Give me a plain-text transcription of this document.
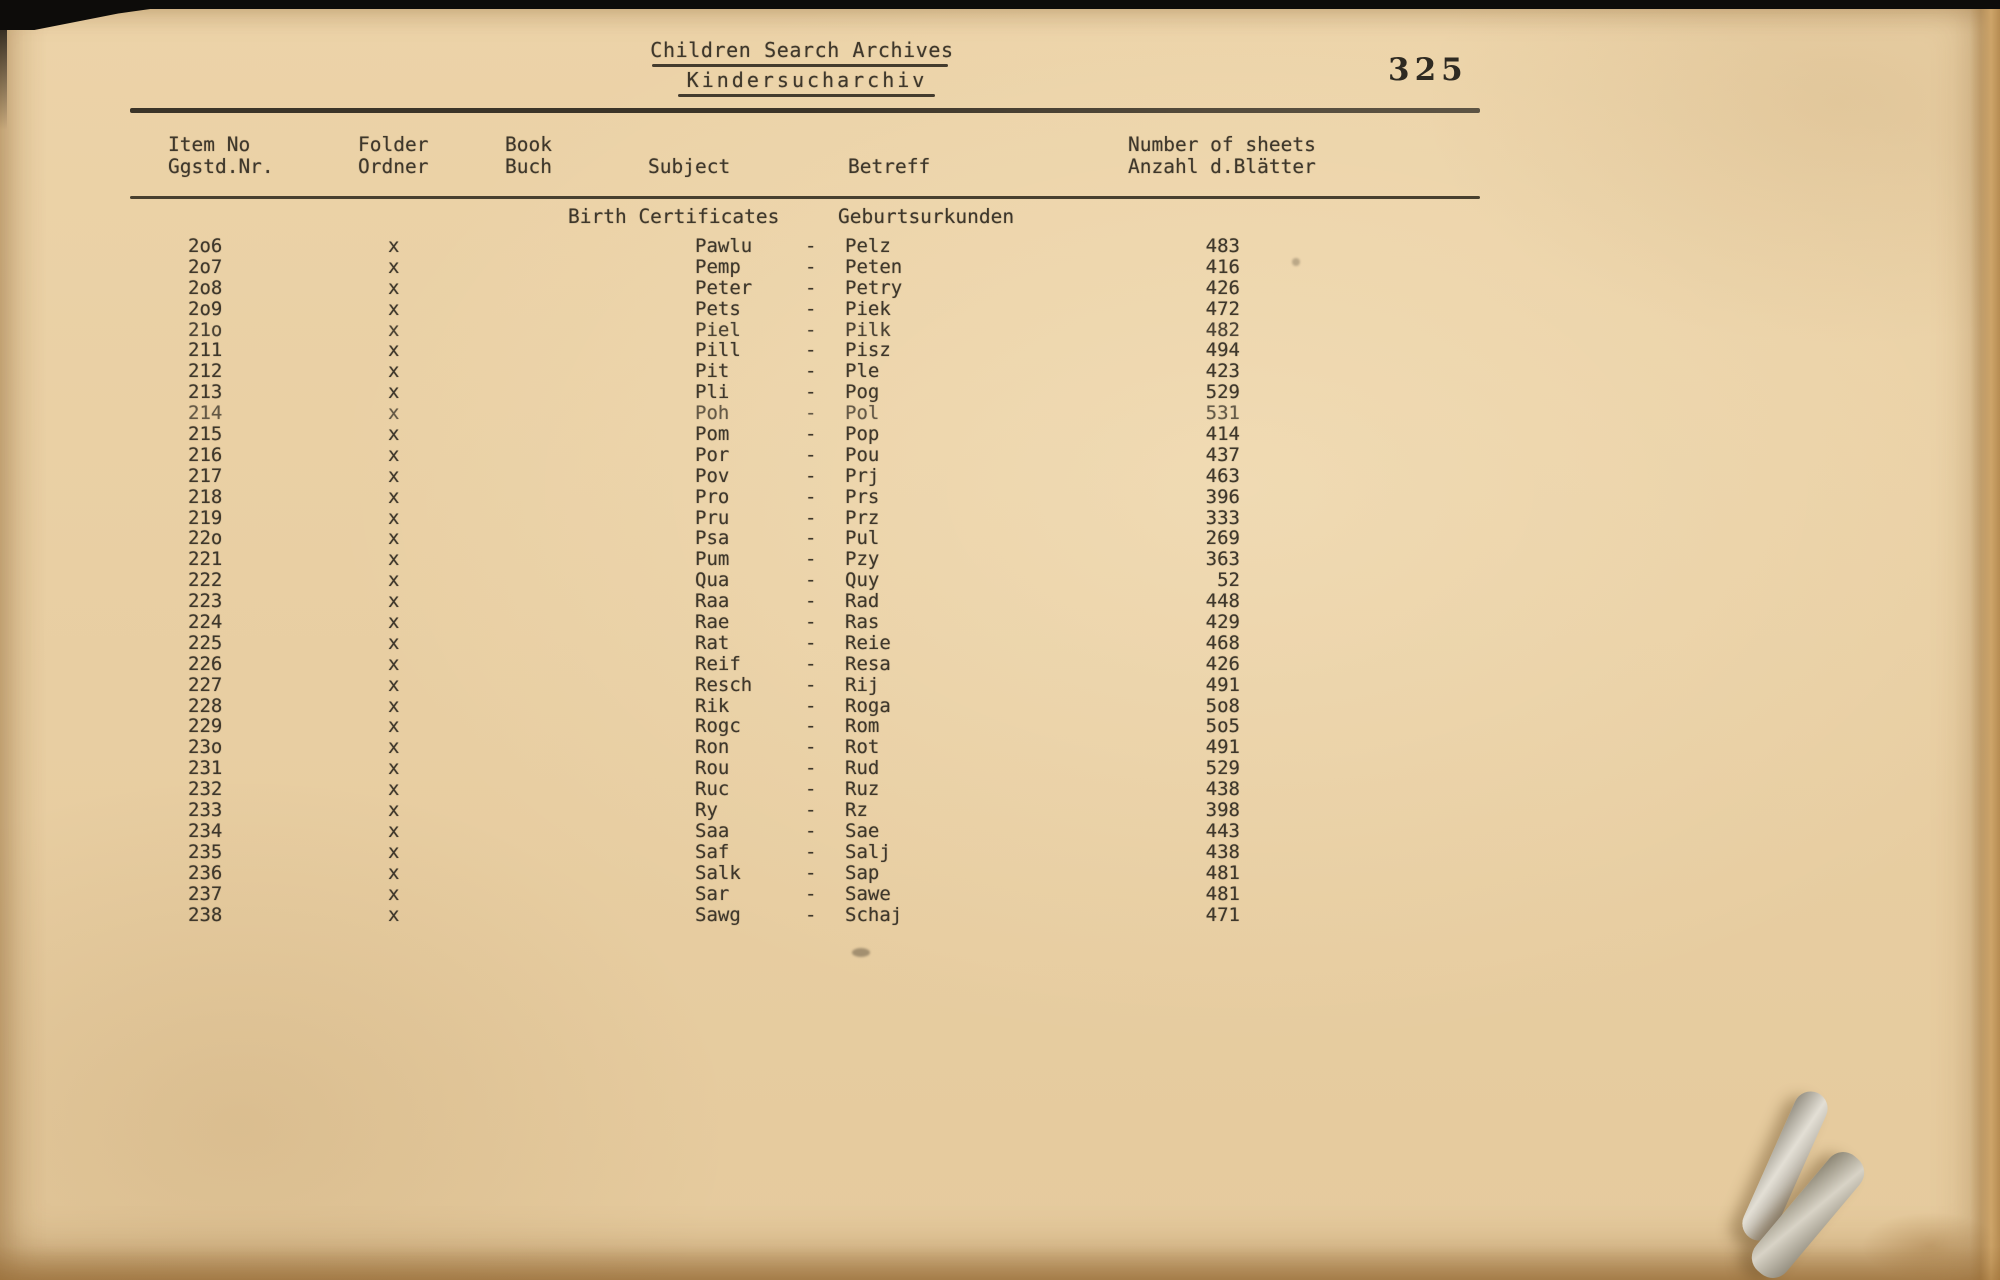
325
Children Search Archives
Kindersucharchiv
Item No	Folder	Book	Number of sheets
Ggstd.Nr.	Ordner	Buch	Subject	Betreff	Anzahl d.Blätter
Birth Certificates	Geburtsurkunden
2o6	x	Pawlu	-	Pelz	483
2o7	x	Pemp	-	Peten	416
2o8	x	Peter	-	Petry	426
2o9	x	Pets	-	Piek	472
21o	x	Piel	-	Pilk	482
211	x	Pill	-	Pisz	494
212	x	Pit	-	Ple	423
213	x	Pli	-	Pog	529
214	x	Poh	-	Pol	531
215	x	Pom	-	Pop	414
216	x	Por	-	Pou	437
217	x	Pov	-	Prj	463
218	x	Pro	-	Prs	396
219	x	Pru	-	Prz	333
22o	x	Psa	-	Pul	269
221	x	Pum	-	Pzy	363
222	x	Qua	-	Quy	52
223	x	Raa	-	Rad	448
224	x	Rae	-	Ras	429
225	x	Rat	-	Reie	468
226	x	Reif	-	Resa	426
227	x	Resch	-	Rij	491
228	x	Rik	-	Roga	5o8
229	x	Rogc	-	Rom	5o5
23o	x	Ron	-	Rot	491
231	x	Rou	-	Rud	529
232	x	Ruc	-	Ruz	438
233	x	Ry	-	Rz	398
234	x	Saa	-	Sae	443
235	x	Saf	-	Salj	438
236	x	Salk	-	Sap	481
237	x	Sar	-	Sawe	481
238	x	Sawg	-	Schaj	471
